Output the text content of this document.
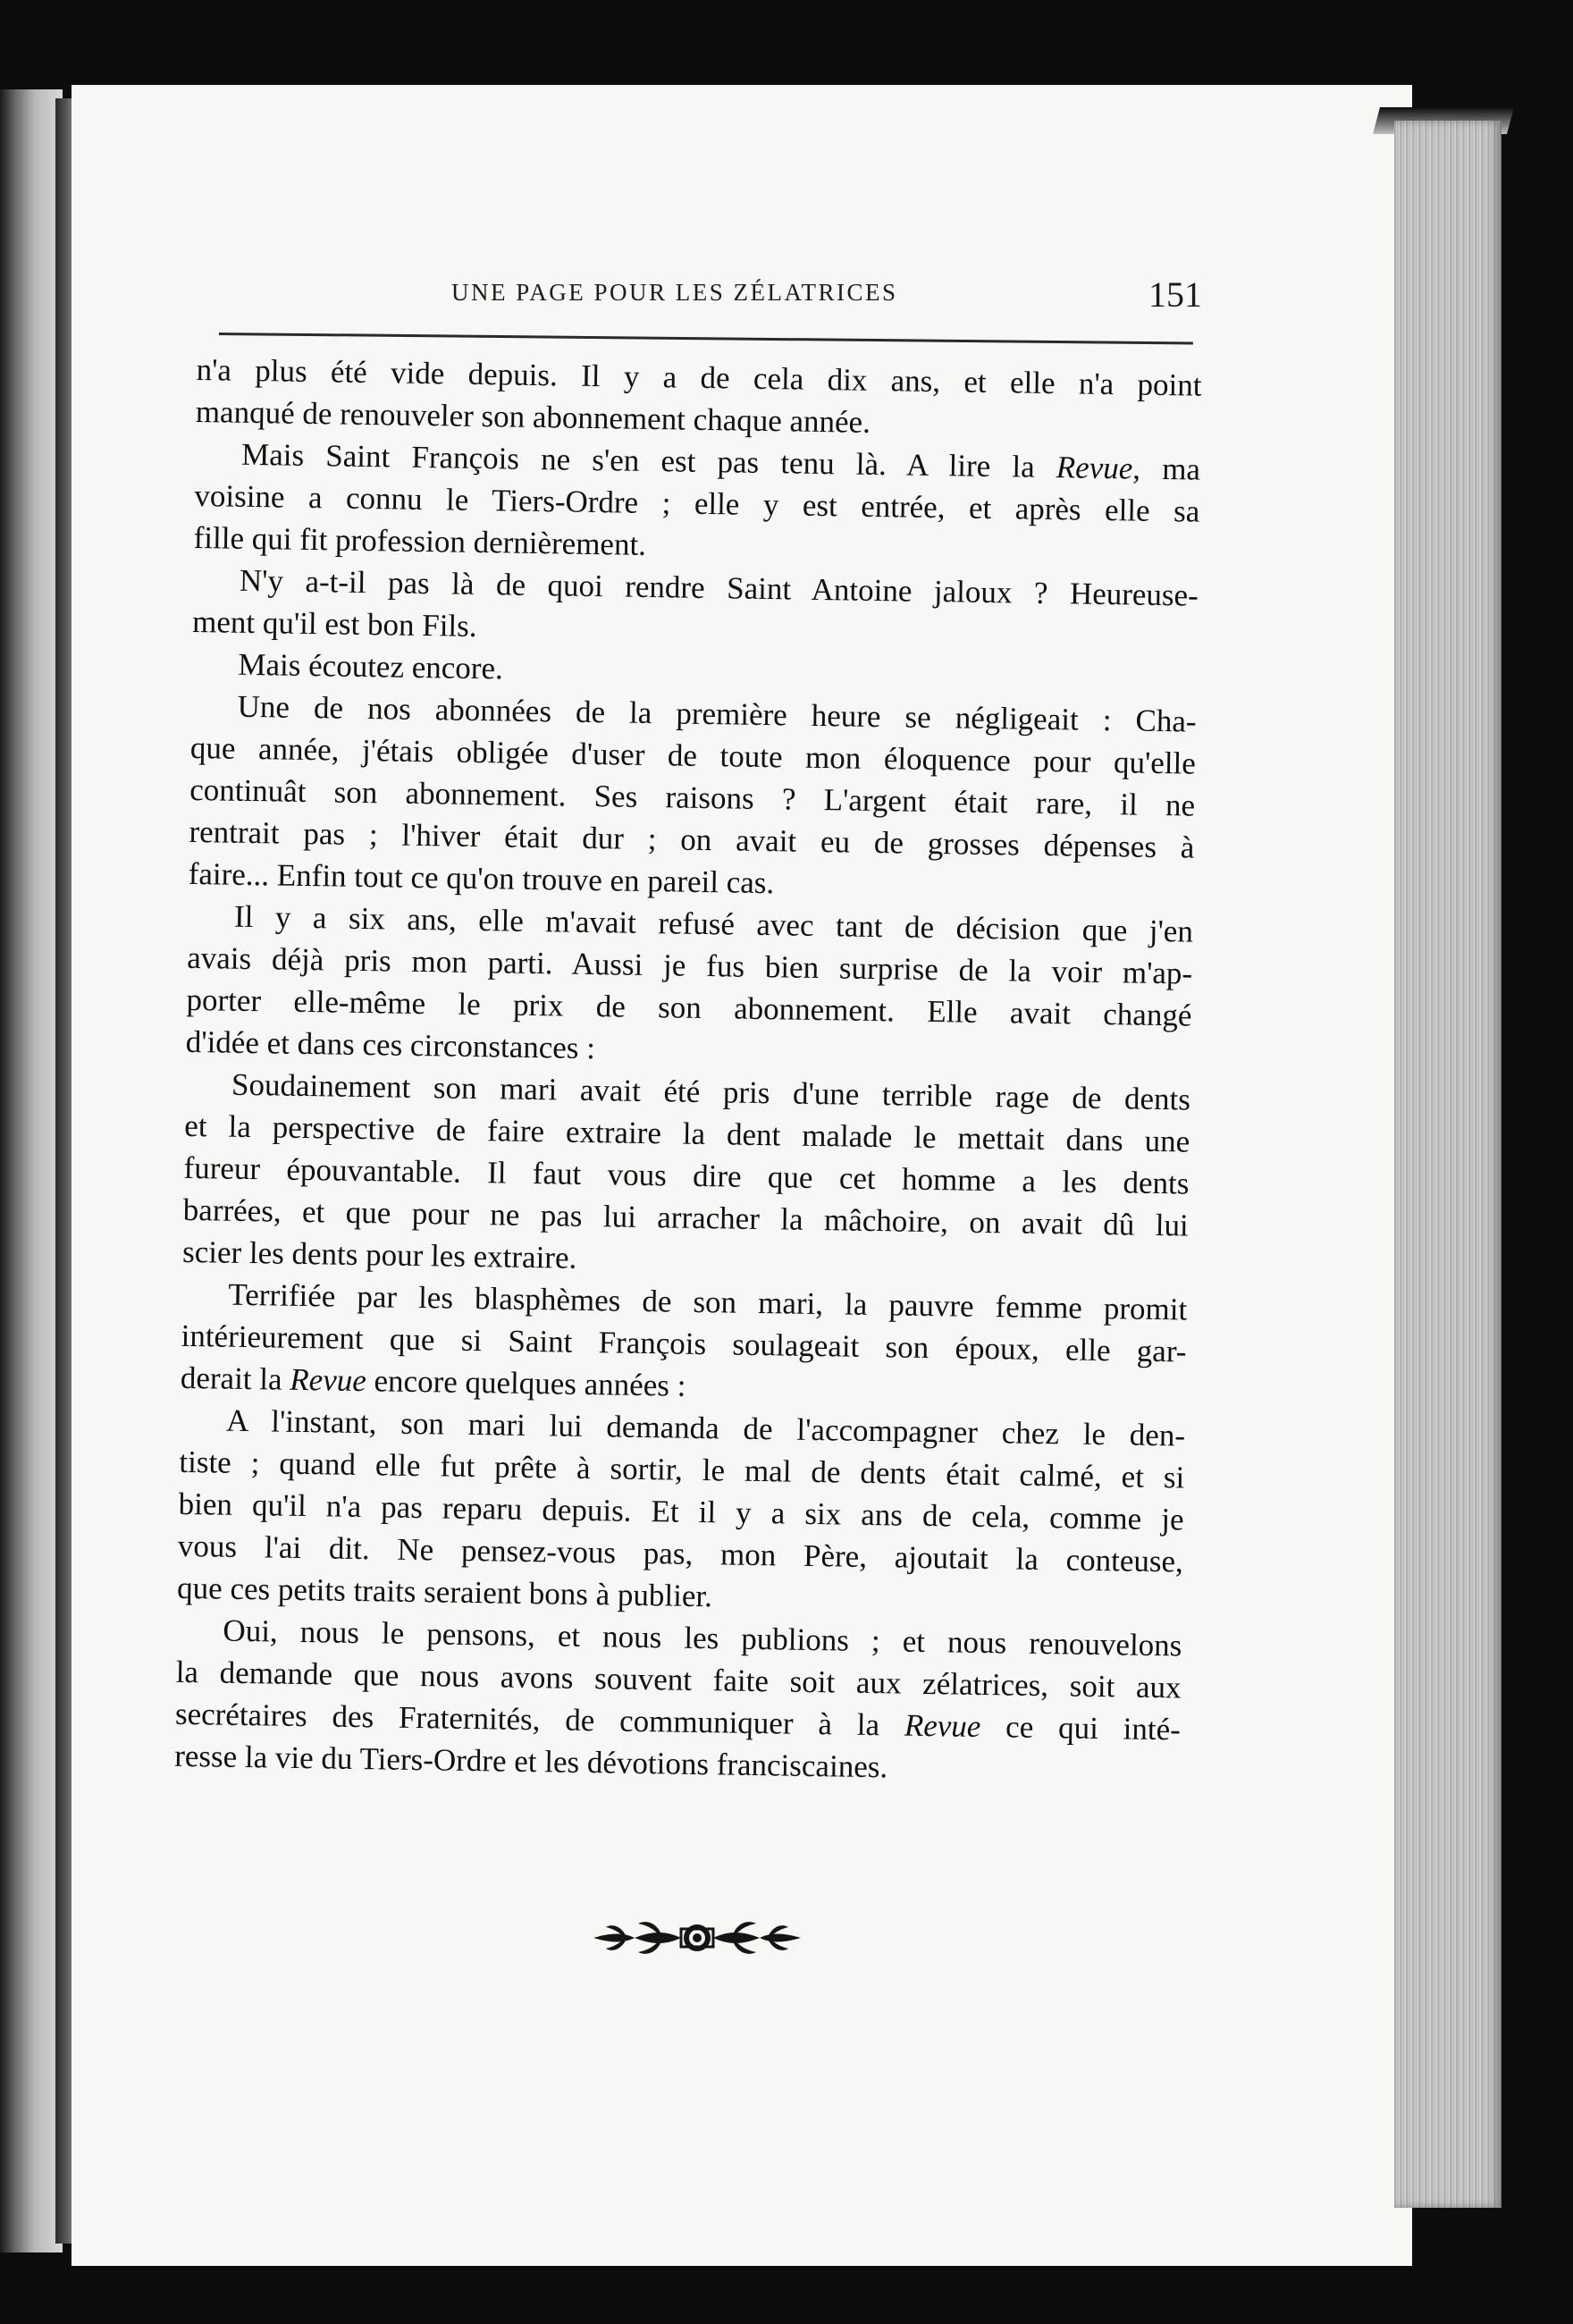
UNE PAGE POUR LES ZÉLATRICES	151
n'a plus été vide depuis. Il y a de cela dix ans, et elle n'a point
manqué de renouveler son abonnement chaque année.
Mais Saint François ne s'en est pas tenu là. A lire la Revue, ma
voisine a connu le Tiers-Ordre ; elle y est entrée, et après elle sa
fille qui fit profession dernièrement.
N'y a-t-il pas là de quoi rendre Saint Antoine jaloux ? Heureuse-
ment qu'il est bon Fils.
Mais écoutez encore.
Une de nos abonnées de la première heure se négligeait : Cha-
que année, j'étais obligée d'user de toute mon éloquence pour qu'elle
continuât son abonnement. Ses raisons ? L'argent était rare, il ne
rentrait pas ; l'hiver était dur ; on avait eu de grosses dépenses à
faire... Enfin tout ce qu'on trouve en pareil cas.
Il y a six ans, elle m'avait refusé avec tant de décision que j'en
avais déjà pris mon parti. Aussi je fus bien surprise de la voir m'ap-
porter elle-même le prix de son abonnement. Elle avait changé
d'idée et dans ces circonstances :
Soudainement son mari avait été pris d'une terrible rage de dents
et la perspective de faire extraire la dent malade le mettait dans une
fureur épouvantable. Il faut vous dire que cet homme a les dents
barrées, et que pour ne pas lui arracher la mâchoire, on avait dû lui
scier les dents pour les extraire.
Terrifiée par les blasphèmes de son mari, la pauvre femme promit
intérieurement que si Saint François soulageait son époux, elle gar-
derait la Revue encore quelques années :
A l'instant, son mari lui demanda de l'accompagner chez le den-
tiste ; quand elle fut prête à sortir, le mal de dents était calmé, et si
bien qu'il n'a pas reparu depuis. Et il y a six ans de cela, comme je
vous l'ai dit. Ne pensez-vous pas, mon Père, ajoutait la conteuse,
que ces petits traits seraient bons à publier.
Oui, nous le pensons, et nous les publions ; et nous renouvelons
la demande que nous avons souvent faite soit aux zélatrices, soit aux
secrétaires des Fraternités, de communiquer à la Revue ce qui inté-
resse la vie du Tiers-Ordre et les dévotions franciscaines.
